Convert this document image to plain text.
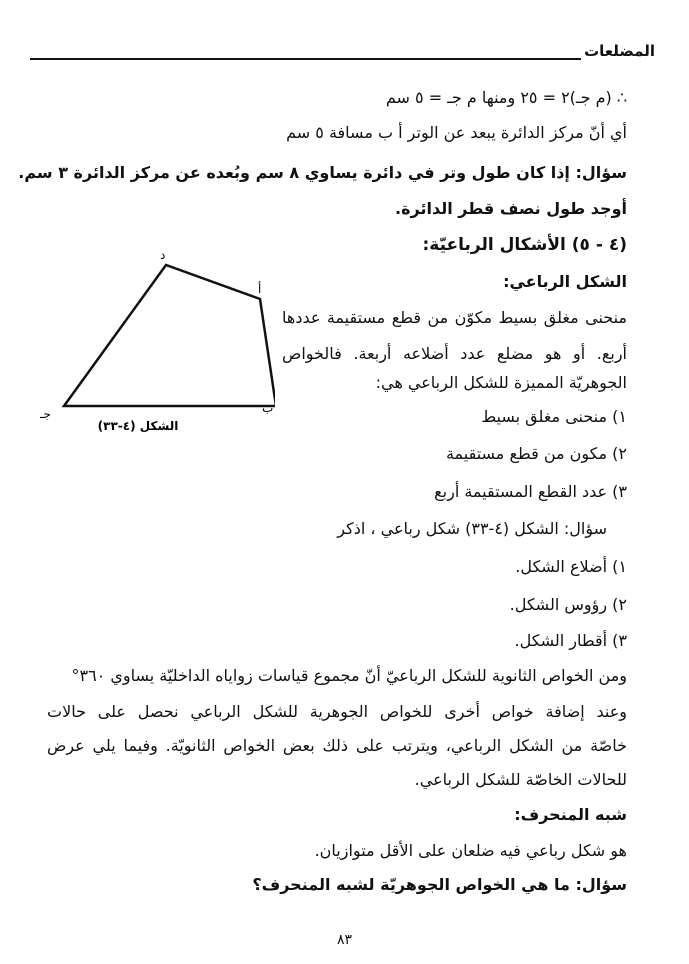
المضلعات
∴ (م جـ)٢ = ٢٥ ومنها م جـ = ٥ سم
أي أنّ مركز الدائرة يبعد عن الوتر أ ب مسافة ٥ سم
سؤال: إذا كان طول وتر في دائرة يساوي ٨ سم وبُعده عن مركز الدائرة ٣ سم.
أوجد طول نصف قطر الدائرة.
(٤ - ٥) الأشكال الرباعيّة:
الشكل الرباعي:
منحنى مغلق بسيط مكوّن من قطع مستقيمة عددها
أربع. أو هو مضلع عدد أضلاعه أربعة. فالخواص
الجوهريّة المميزة للشكل الرباعي هي:
١) منحنى مغلق بسيط
٢) مكون من قطع مستقيمة
٣) عدد القطع المستقيمة أربع
سؤال: الشكل (٤-٣٣) شكل رباعي ، اذكر
١) أضلاع الشكل.
٢) رؤوس الشكل.
٣) أقطار الشكل.
ومن الخواص الثانوية للشكل الرباعيّ أنّ مجموع قياسات زواياه الداخليّة يساوي ٣٦٠°
وعند إضافة خواص أخرى للخواص الجوهرية للشكل الرباعي نحصل على حالات
خاصّة من الشكل الرباعي، ويترتب على ذلك بعض الخواص الثانويّة. وفيما يلي عرض
للحالات الخاصّة للشكل الرباعي.
شبه المنحرف:
هو شكل رباعي فيه ضلعان على الأقل متوازيان.
سؤال: ما هي الخواص الجوهريّة لشبه المنحرف؟
د
أ
ب
جـ
الشكل (٤-٣٣)
٨٣
